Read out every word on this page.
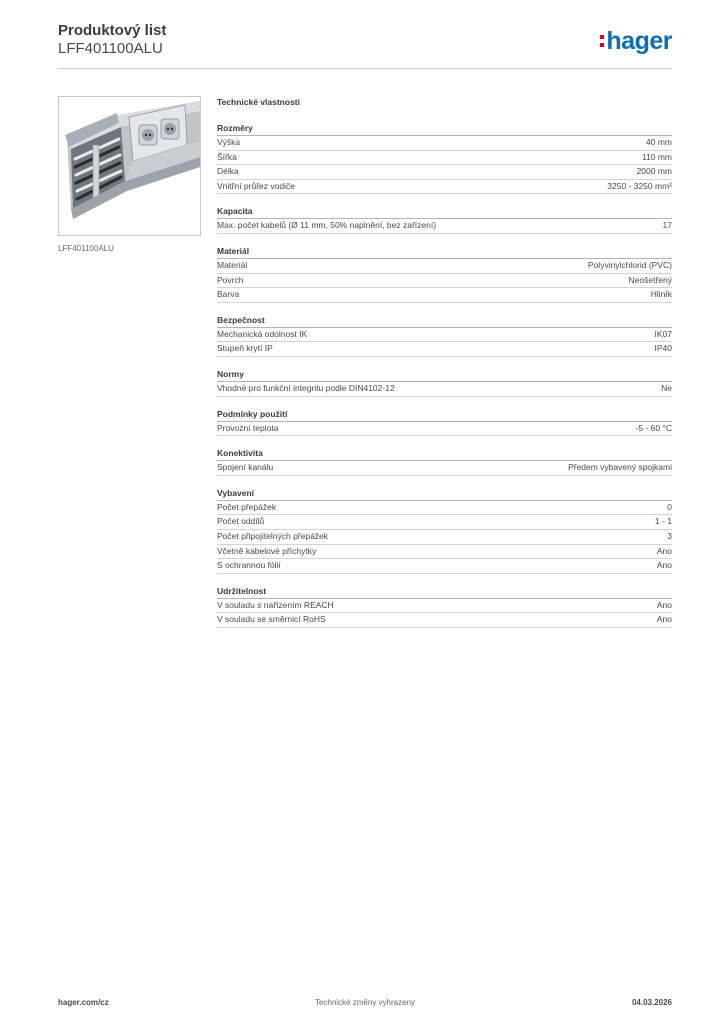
Produktový list
LFF401100ALU	hager
LFF401100ALU
Technické vlastnosti
Rozměry
Výška	40 mm
Šířka	110 mm
Délka	2000 mm
Vnitřní průřez vodiče	3250 - 3250 mm²
Kapacita
Max. počet kabelů (Ø 11 mm, 50% naplnění, bez zařízení)	17
Materiál
Materiál	Polyvinylchlorid (PVC)
Povrch	Neošetřený
Barva	Hliník
Bezpečnost
Mechanická odolnost IK	IK07
Stupeň krytí IP	IP40
Normy
Vhodné pro funkční integritu podle DIN4102-12	Ne
Podmínky použití
Provozní teplota	-5 - 60 °C
Konektivita
Spojení kanálu	Předem vybavený spojkami
Vybavení
Počet přepážek	0
Počet oddílů	1 - 1
Počet připojitelných přepážek	3
Včetně kabelové příchytky	Ano
S ochrannou fólií	Ano
Udržitelnost
V souladu s nařízením REACH	Ano
V souladu se směrnicí RoHS	Ano
hager.com/cz	Technické změny vyhrazeny	04.03.2026
